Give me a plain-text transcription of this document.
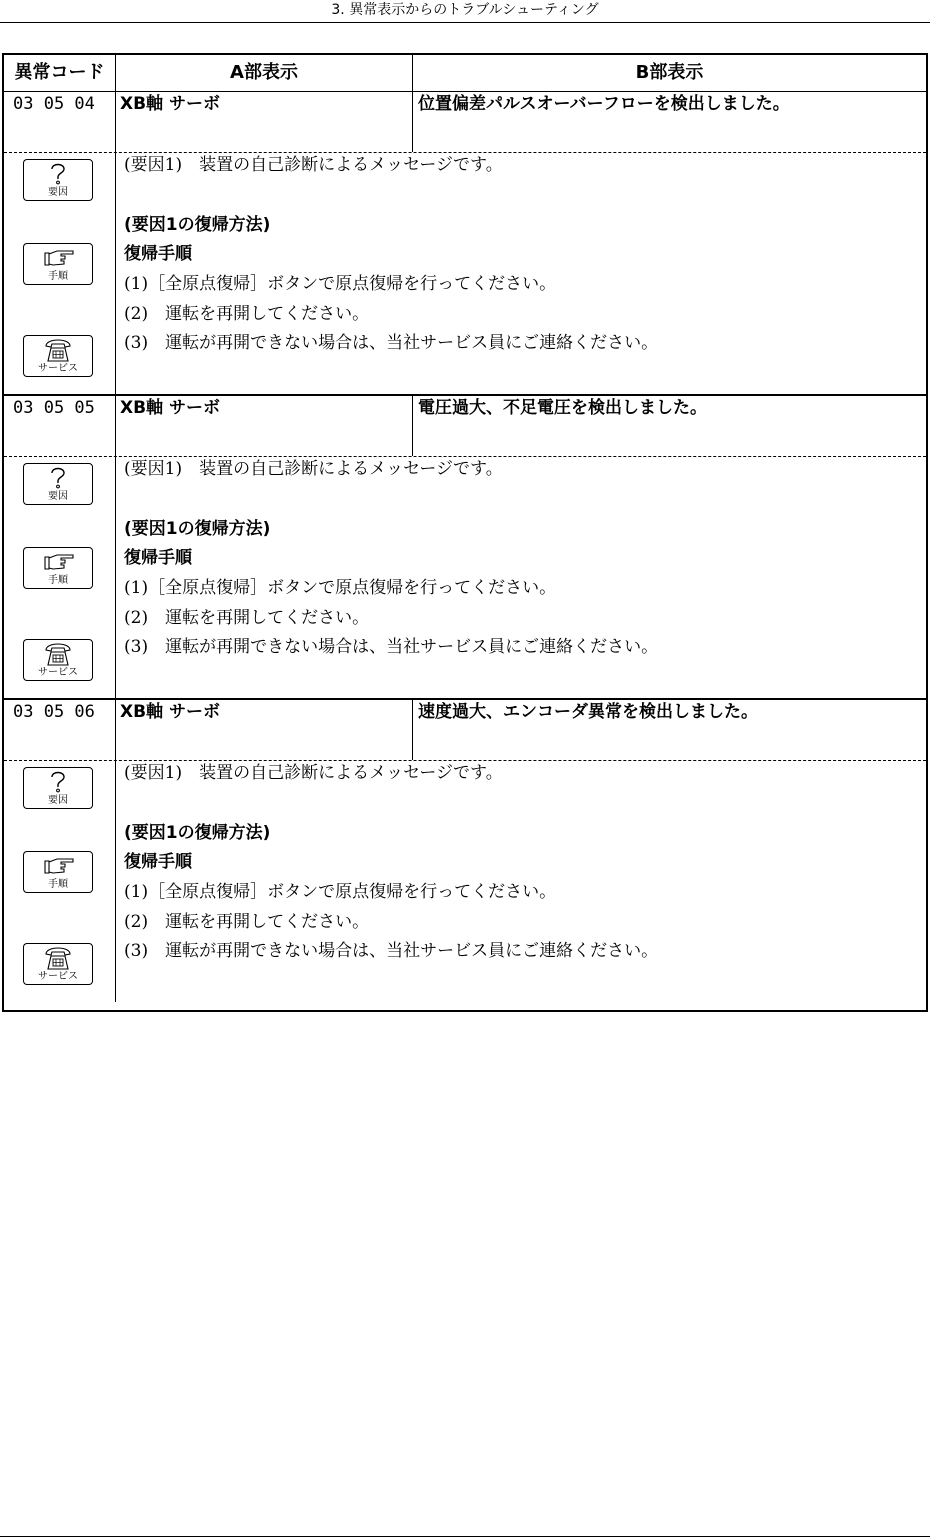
3. 異常表示からのトラブルシューティング
異常コード	A部表示	B部表示
03 05 04	XB軸 サーボ	位置偏差パルスオーバーフローを検出しました。
要因
手順
サービス
(要因1)　装置の自己診断によるメッセージです。
(要因1の復帰方法)
復帰手順
(1)［全原点復帰］ボタンで原点復帰を行ってください。
(2)　運転を再開してください。
(3)　運転が再開できない場合は、当社サービス員にご連絡ください。
03 05 05	XB軸 サーボ	電圧過大、不足電圧を検出しました。
要因
手順
サービス
(要因1)　装置の自己診断によるメッセージです。
(要因1の復帰方法)
復帰手順
(1)［全原点復帰］ボタンで原点復帰を行ってください。
(2)　運転を再開してください。
(3)　運転が再開できない場合は、当社サービス員にご連絡ください。
03 05 06	XB軸 サーボ	速度過大、エンコーダ異常を検出しました。
要因
手順
サービス
(要因1)　装置の自己診断によるメッセージです。
(要因1の復帰方法)
復帰手順
(1)［全原点復帰］ボタンで原点復帰を行ってください。
(2)　運転を再開してください。
(3)　運転が再開できない場合は、当社サービス員にご連絡ください。
